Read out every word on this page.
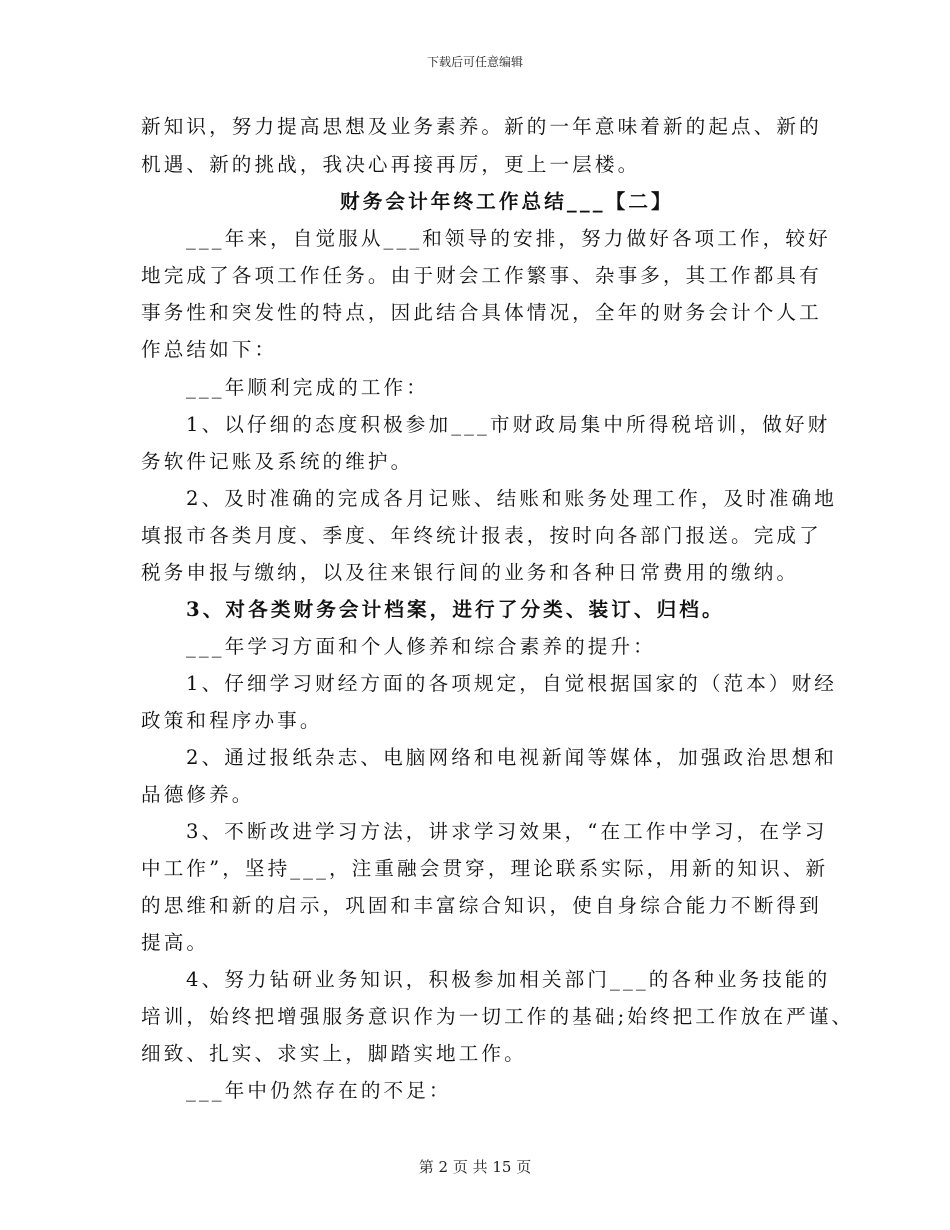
下载后可任意编辑

新知识，努力提高思想及业务素养。新的一年意味着新的起点、新的

机遇、新的挑战，我决心再接再厉，更上一层楼。

财务会计年终工作总结___【二】

___年来，自觉服从___和领导的安排，努力做好各项工作，较好

地完成了各项工作任务。由于财会工作繁事、杂事多，其工作都具有

事务性和突发性的特点，因此结合具体情况，全年的财务会计个人工

作总结如下：

___年顺利完成的工作：

1、以仔细的态度积极参加___市财政局集中所得税培训，做好财

务软件记账及系统的维护。

2、及时准确的完成各月记账、结账和账务处理工作，及时准确地

填报市各类月度、季度、年终统计报表，按时向各部门报送。完成了

税务申报与缴纳，以及往来银行间的业务和各种日常费用的缴纳。

3、对各类财务会计档案，进行了分类、装订、归档。

___年学习方面和个人修养和综合素养的提升：

1、仔细学习财经方面的各项规定，自觉根据国家的（范本）财经

政策和程序办事。

2、通过报纸杂志、电脑网络和电视新闻等媒体，加强政治思想和

品德修养。

3、不断改进学习方法，讲求学习效果，“在工作中学习，在学习

中工作”，坚持___，注重融会贯穿，理论联系实际，用新的知识、新

的思维和新的启示，巩固和丰富综合知识，使自身综合能力不断得到

提高。

4、努力钻研业务知识，积极参加相关部门___的各种业务技能的

培训，始终把增强服务意识作为一切工作的基础;始终把工作放在严谨、

细致、扎实、求实上，脚踏实地工作。

___年中仍然存在的不足：

第 2 页 共 15 页
